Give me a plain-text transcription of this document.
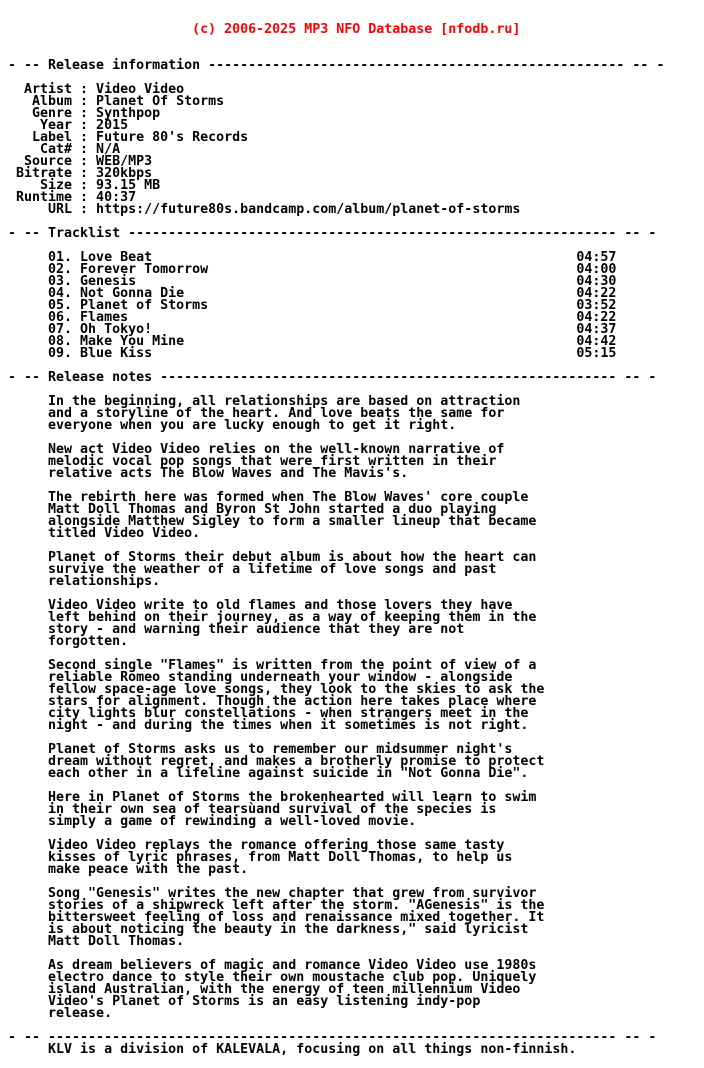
(c) 2006-2025 MP3 NFO Database [nfodb.ru]

- -- Release information ---------------------------------------------------- -- -

Artist : Video Video
Album : Planet Of Storms
Genre : Synthpop
Year : 2015
Label : Future 80's Records
Cat# : N/A
Source : WEB/MP3
Bitrate : 320kbps
Size : 93.15 MB
Runtime : 40:37
URL : https://future80s.bandcamp.com/album/planet-of-storms

- -- Tracklist ------------------------------------------------------------- -- -

01. Love Beat                                                     04:57
02. Forever Tomorrow                                              04:00
03. Genesis                                                       04:30
04. Not Gonna Die                                                 04:22
05. Planet of Storms                                              03:52
06. Flames                                                        04:22
07. Oh Tokyo!                                                     04:37
08. Make You Mine                                                 04:42
09. Blue Kiss                                                     05:15

- -- Release notes --------------------------------------------------------- -- -

In the beginning, all relationships are based on attraction
and a storyline of the heart. And love beats the same for
everyone when you are lucky enough to get it right.

New act Video Video relies on the well-known narrative of
melodic vocal pop songs that were first written in their
relative acts The Blow Waves and The Mavis's.

The rebirth here was formed when The Blow Waves' core couple
Matt Doll Thomas and Byron St John started a duo playing
alongside Matthew Sigley to form a smaller lineup that became
titled Video Video.

Planet of Storms their debut album is about how the heart can
survive the weather of a lifetime of love songs and past
relationships.

Video Video write to old flames and those lovers they have
left behind on their journey, as a way of keeping them in the
story - and warning their audience that they are not
forgotten.

Second single "Flames" is written from the point of view of a
reliable Romeo standing underneath your window - alongside
fellow space-age love songs, they look to the skies to ask the
stars for alignment. Though the action here takes place where
city lights blur constellations - when strangers meet in the
night - and during the times when it sometimes is not right.

Planet of Storms asks us to remember our midsummer night's
dream without regret, and makes a brotherly promise to protect
each other in a lifeline against suicide in "Not Gonna Die".

Here in Planet of Storms the brokenhearted will learn to swim
in their own sea of tearsùand survival of the species is
simply a game of rewinding a well-loved movie.

Video Video replays the romance offering those same tasty
kisses of lyric phrases, from Matt Doll Thomas, to help us
make peace with the past.

Song "Genesis" writes the new chapter that grew from survivor
stories of a shipwreck left after the storm. "AGenesis" is the
bittersweet feeling of loss and renaissance mixed together. It
is about noticing the beauty in the darkness," said lyricist
Matt Doll Thomas.

As dream believers of magic and romance Video Video use 1980s
electro dance to style their own moustache club pop. Uniquely
island Australian, with the energy of teen millennium Video
Video's Planet of Storms is an easy listening indy-pop
release.

- -- ----------------------------------------------------------------------- -- -
KLV is a division of KALEVALA, focusing on all things non-finnish.
